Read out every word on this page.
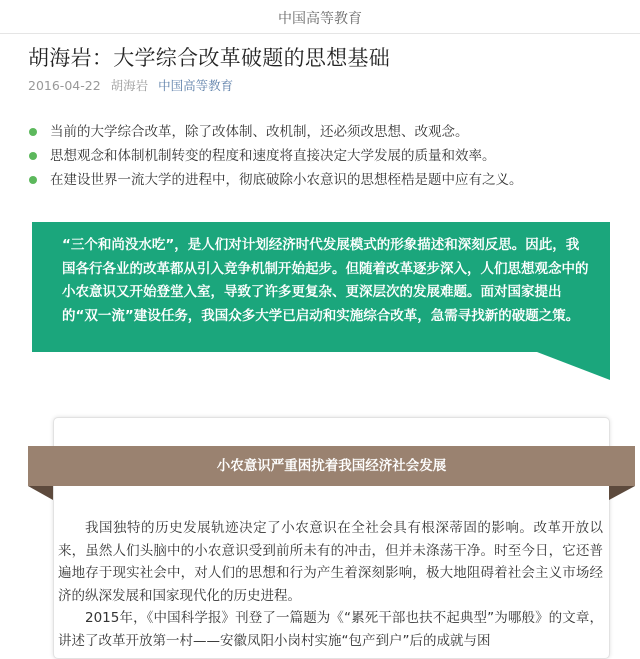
中国高等教育
胡海岩：大学综合改革破题的思想基础
2016-04-22 胡海岩 中国高等教育
当前的大学综合改革，除了改体制、改机制，还必须改思想、改观念。
思想观念和体制机制转变的程度和速度将直接决定大学发展的质量和效率。
在建设世界一流大学的进程中，彻底破除小农意识的思想桎梏是题中应有之义。
“三个和尚没水吃”，是人们对计划经济时代发展模式的形象描述和深刻反思。因此，我国各行各业的改革都从引入竞争机制开始起步。但随着改革逐步深入，人们思想观念中的小农意识又开始登堂入室，导致了许多更复杂、更深层次的发展难题。面对国家提出的“双一流”建设任务，我国众多大学已启动和实施综合改革，急需寻找新的破题之策。
小农意识严重困扰着我国经济社会发展

我国独特的历史发展轨迹决定了小农意识在全社会具有根深蒂固的影响。改革开放以来，虽然人们头脑中的小农意识受到前所未有的冲击，但并未涤荡干净。时至今日，它还普遍地存于现实社会中，对人们的思想和行为产生着深刻影响，极大地阻碍着社会主义市场经济的纵深发展和国家现代化的历史进程。

2015年，《中国科学报》刊登了一篇题为《“累死干部也扶不起典型”为哪般》的文章，讲述了改革开放第一村——安徽凤阳小岗村实施“包产到户”后的成就与困
